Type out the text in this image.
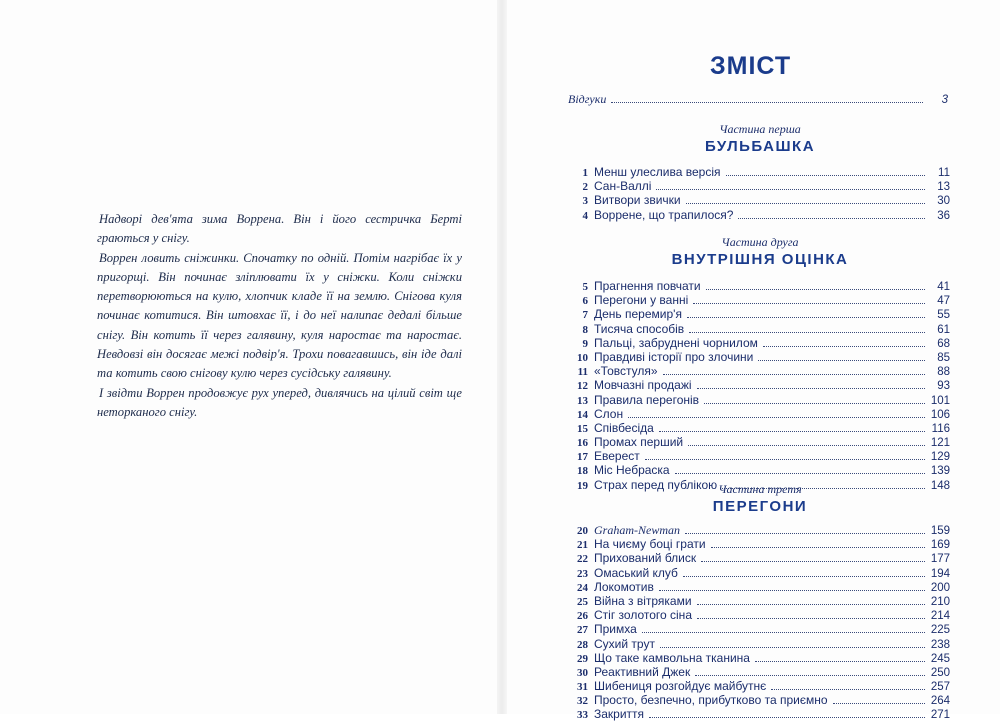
Надворі дев'ята зима Воррена. Він і його сестричка Берті граються у снігу.

Воррен ловить сніжинки. Спочатку по одній. Потім нагрібає їх у пригорщі. Він починає зліплювати їх у сніжки. Коли сніжки перетворюються на кулю, хлопчик кладе її на землю. Снігова куля починає котитися. Він штовхає її, і до неї налипає дедалі більше снігу. Він котить її через галявину, куля наростає та наростає. Невдовзі він досягає межі подвір'я. Трохи повагавшись, він іде далі та котить свою снігову кулю через сусідську галявину.

І звідти Воррен продовжує рух уперед, дивлячись на цілий світ ще неторканого снігу.

ЗМІСТ
Відгуки	3
Частина перша
БУЛЬБАШКА
1 Менш улеслива версія	11
2 Сан-Валлі	13
3 Витвори звички	30
4 Воррене, що трапилося?	36
Частина друга
ВНУТРІШНЯ ОЦІНКА
5 Прагнення повчати	41
6 Перегони у ванні	47
7 День перемир'я	55
8 Тисяча способів	61
9 Пальці, забруднені чорнилом	68
10 Правдиві історії про злочини	85
11 «Товстуля»	88
12 Мовчазні продажі	93
13 Правила перегонів	101
14 Слон	106
15 Співбесіда	116
16 Промах перший	121
17 Еверест	129
18 Міс Небраска	139
19 Страх перед публікою	148
Частина третя
ПЕРЕГОНИ
20 Graham-Newman	159
21 На чиєму боці грати	169
22 Прихований блиск	177
23 Омаський клуб	194
24 Локомотив	200
25 Війна з вітряками	210
26 Стіг золотого сіна	214
27 Примха	225
28 Сухий трут	238
29 Що таке камвольна тканина	245
30 Реактивний Джек	250
31 Шибениця розгойдує майбутнє	257
32 Просто, безпечно, прибутково та приємно	264
33 Закриття	271
